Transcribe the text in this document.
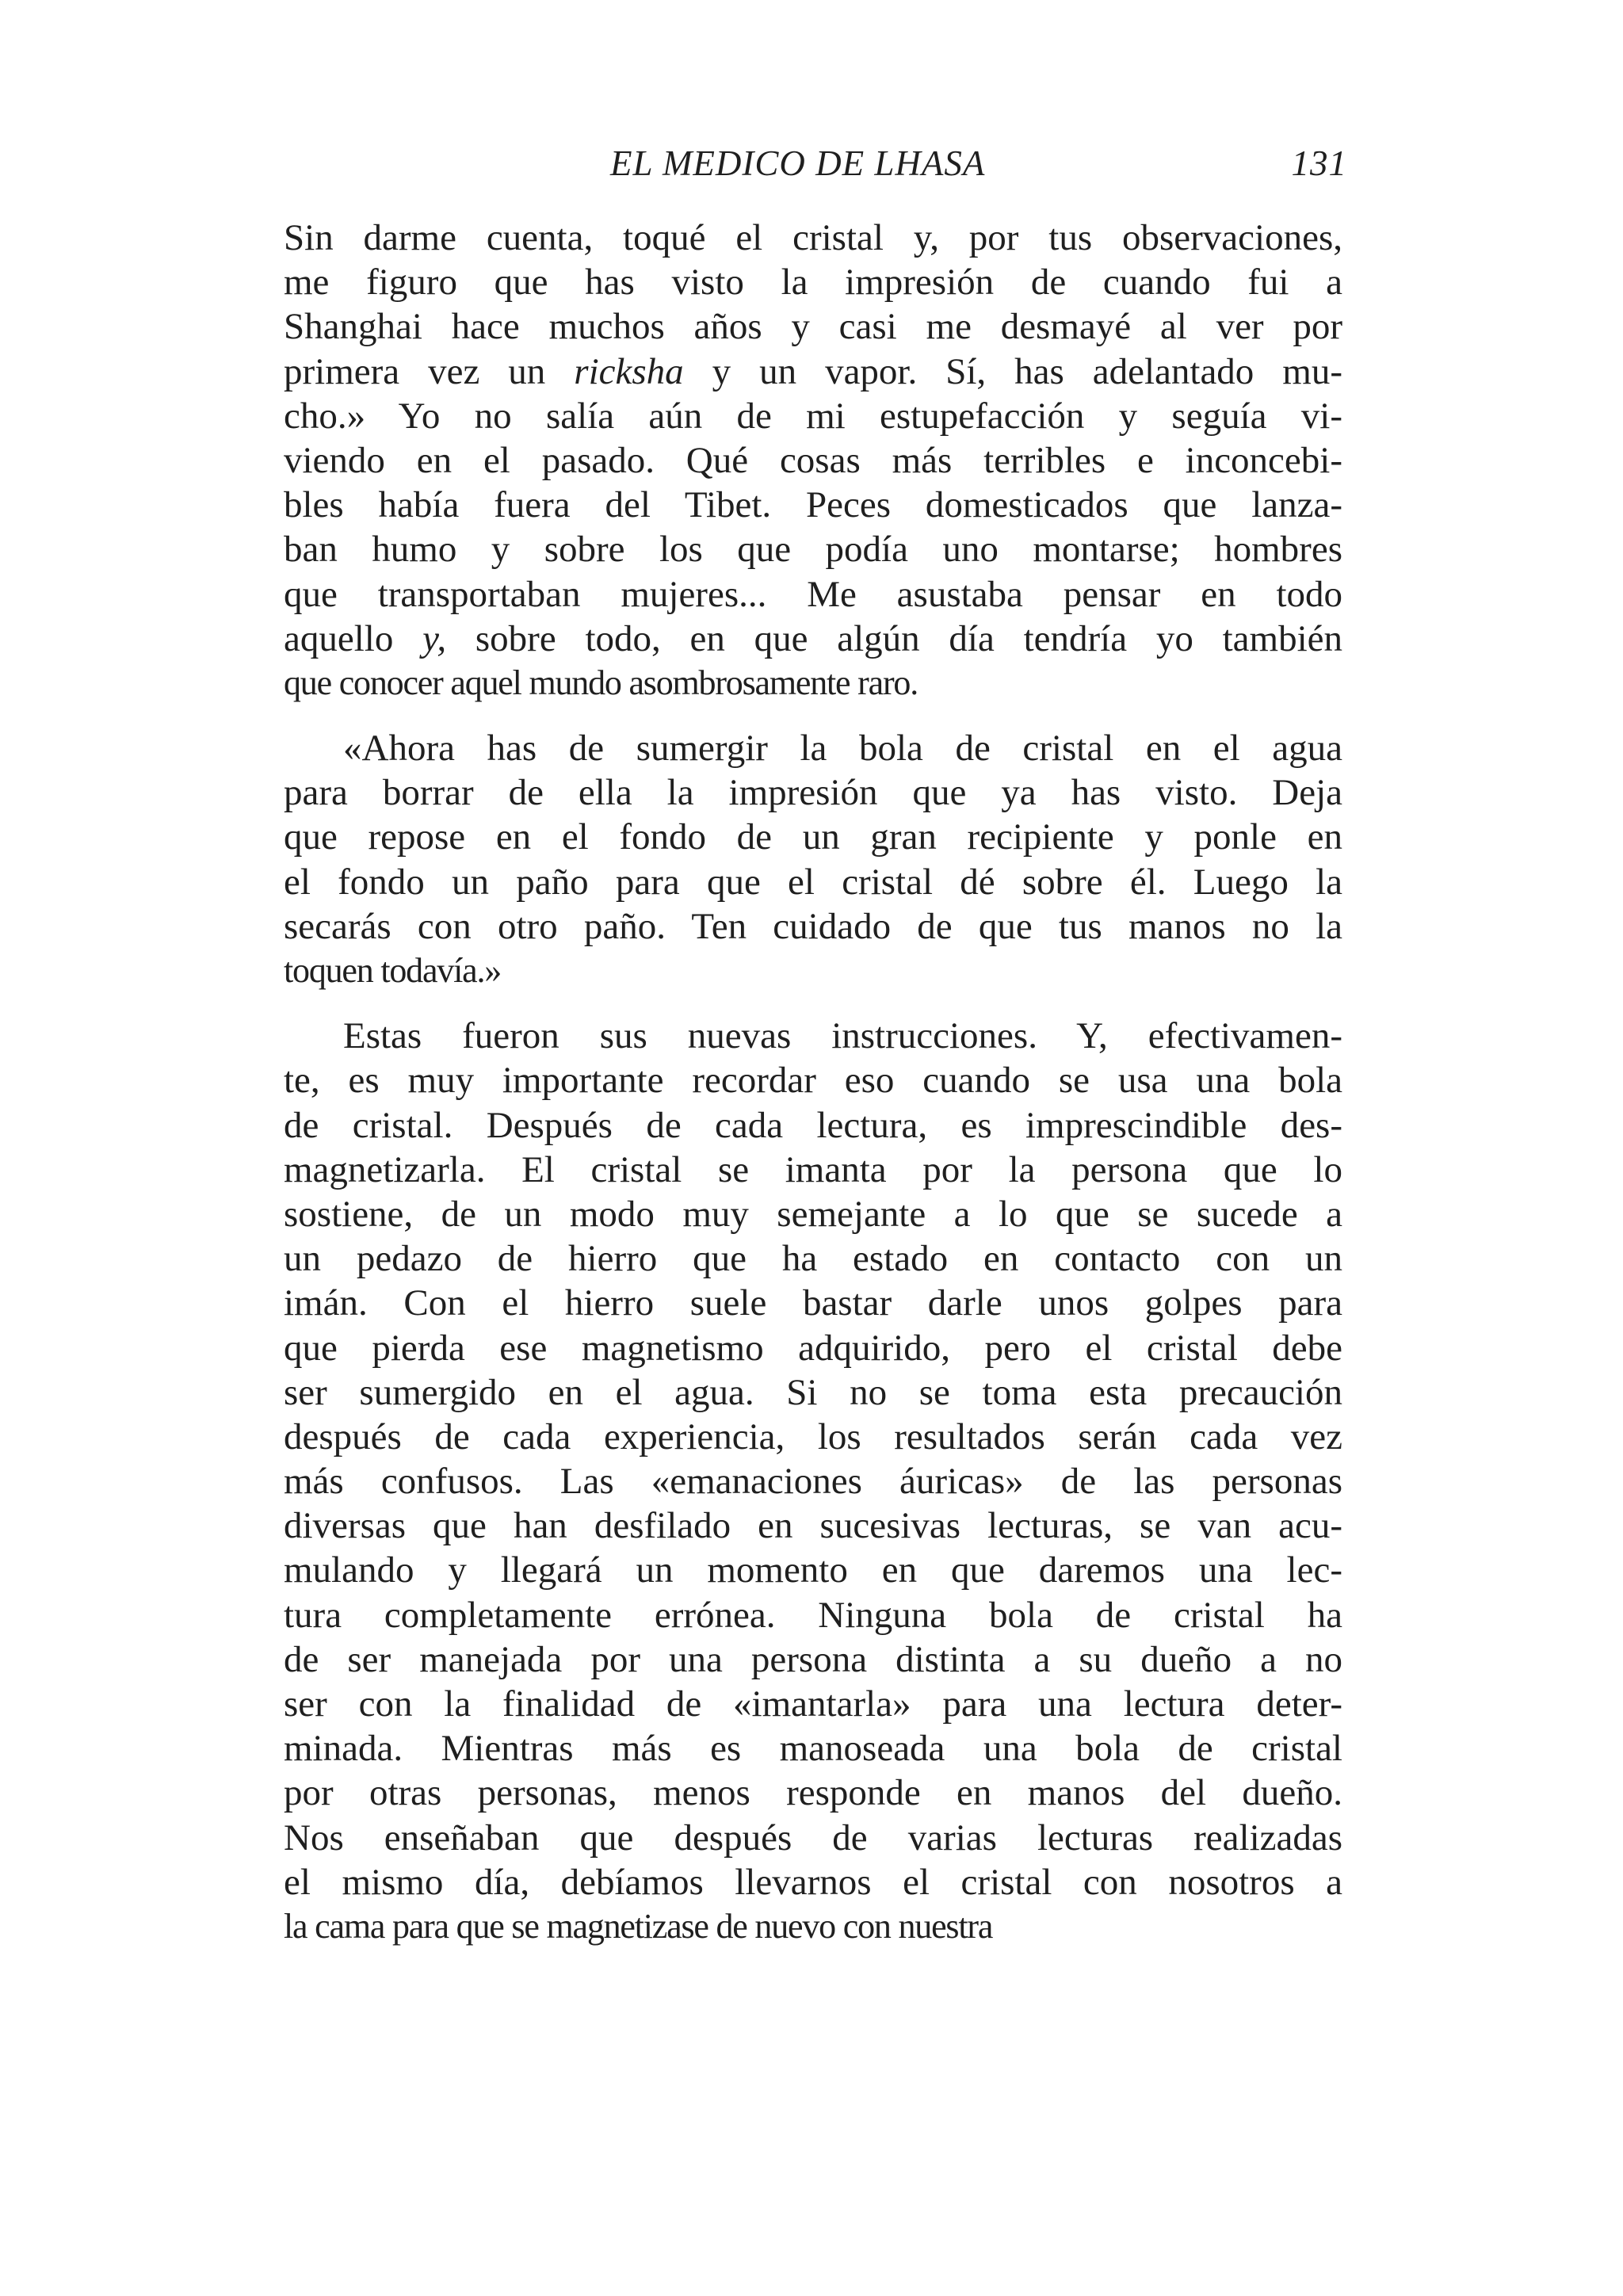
EL MEDICO DE LHASA	131
Sin darme cuenta, toqué el cristal y, por tus observaciones,
me figuro que has visto la impresión de cuando fui a
Shanghai hace muchos años y casi me desmayé al ver por
primera vez un ricksha y un vapor. Sí, has adelantado mu-
cho.» Yo no salía aún de mi estupefacción y seguía vi-
viendo en el pasado. Qué cosas más terribles e inconcebi-
bles había fuera del Tibet. Peces domesticados que lanza-
ban humo y sobre los que podía uno montarse; hombres
que transportaban mujeres... Me asustaba pensar en todo
aquello y, sobre todo, en que algún día tendría yo también
que conocer aquel mundo asombrosamente raro.
«Ahora has de sumergir la bola de cristal en el agua
para borrar de ella la impresión que ya has visto. Deja
que repose en el fondo de un gran recipiente y ponle en
el fondo un paño para que el cristal dé sobre él. Luego la
secarás con otro paño. Ten cuidado de que tus manos no la
toquen todavía.»
Estas fueron sus nuevas instrucciones. Y, efectivamen-
te, es muy importante recordar eso cuando se usa una bola
de cristal. Después de cada lectura, es imprescindible des-
magnetizarla. El cristal se imanta por la persona que lo
sostiene, de un modo muy semejante a lo que se sucede a
un pedazo de hierro que ha estado en contacto con un
imán. Con el hierro suele bastar darle unos golpes para
que pierda ese magnetismo adquirido, pero el cristal debe
ser sumergido en el agua. Si no se toma esta precaución
después de cada experiencia, los resultados serán cada vez
más confusos. Las «emanaciones áuricas» de las personas
diversas que han desfilado en sucesivas lecturas, se van acu-
mulando y llegará un momento en que daremos una lec-
tura completamente errónea. Ninguna bola de cristal ha
de ser manejada por una persona distinta a su dueño a no
ser con la finalidad de «imantarla» para una lectura deter-
minada. Mientras más es manoseada una bola de cristal
por otras personas, menos responde en manos del dueño.
Nos enseñaban que después de varias lecturas realizadas
el mismo día, debíamos llevarnos el cristal con nosotros a
la cama para que se magnetizase de nuevo con nuestra
